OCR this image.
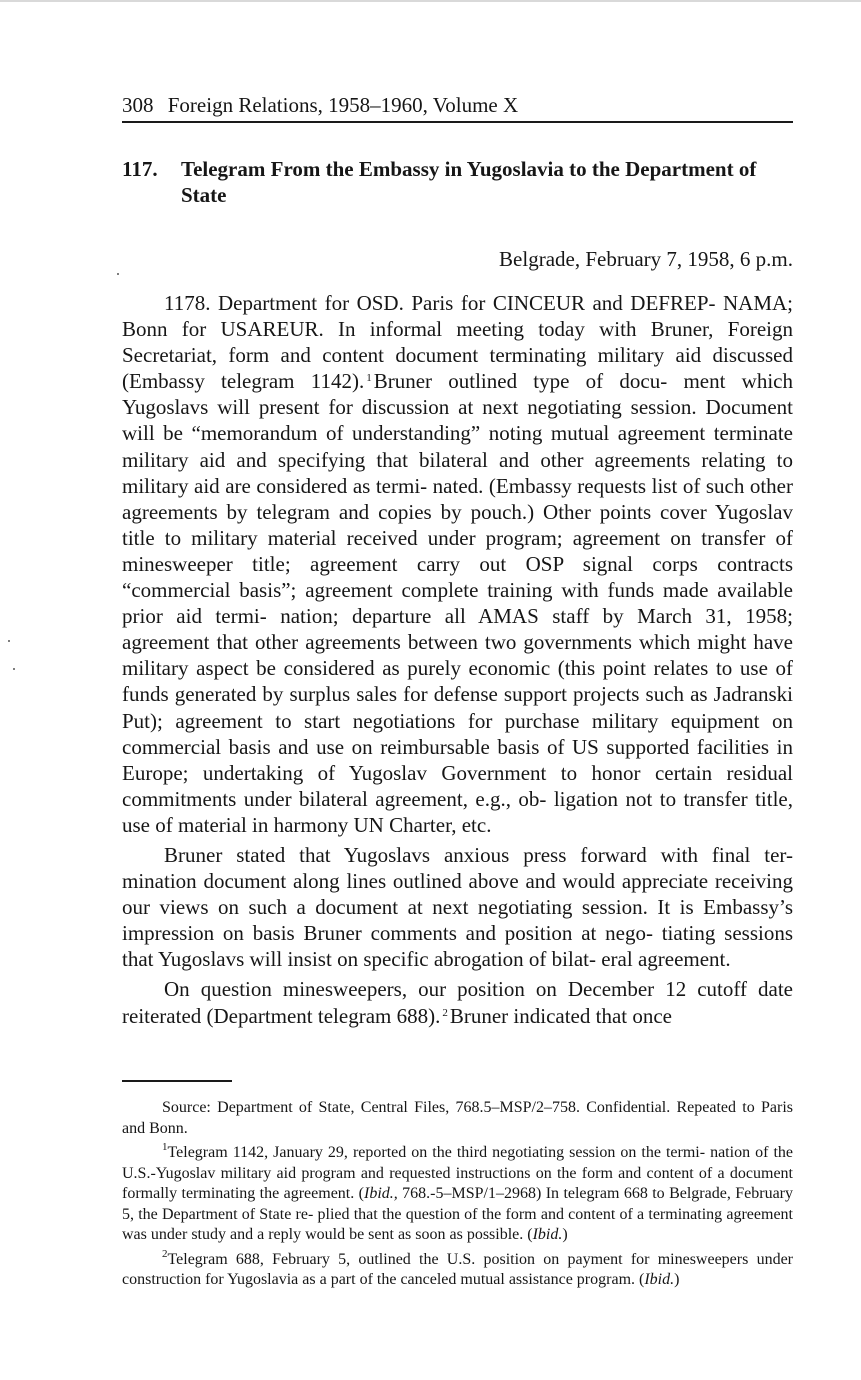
308 Foreign Relations, 1958–1960, Volume X
117. Telegram From the Embassy in Yugoslavia to the Department of State
Belgrade, February 7, 1958, 6 p.m.

1178. Department for OSD. Paris for CINCEUR and DEFREP- NAMA; Bonn for USAREUR. In informal meeting today with Bruner, Foreign Secretariat, form and content document terminating military aid discussed (Embassy telegram 1142). $^1$Bruner outlined type of docu- ment which Yugoslavs will present for discussion at next negotiating session. Document will be “memorandum of understanding” noting mutual agreement terminate military aid and specifying that bilateral and other agreements relating to military aid are considered as termi- nated. (Embassy requests list of such other agreements by telegram and copies by pouch.) Other points cover Yugoslav title to military material received under program; agreement on transfer of minesweeper title; agreement carry out OSP signal corps contracts “commercial basis”; agreement complete training with funds made available prior aid termi- nation; departure all AMAS staff by March 31, 1958; agreement that other agreements between two governments which might have military aspect be considered as purely economic (this point relates to use of funds generated by surplus sales for defense support projects such as Jadranski Put); agreement to start negotiations for purchase military equipment on commercial basis and use on reimbursable basis of US supported facilities in Europe; undertaking of Yugoslav Government to honor certain residual commitments under bilateral agreement, e.g., ob- ligation not to transfer title, use of material in harmony UN Charter, etc.

Bruner stated that Yugoslavs anxious press forward with final ter- mination document along lines outlined above and would appreciate receiving our views on such a document at next negotiating session. It is Embassy’s impression on basis Bruner comments and position at nego- tiating sessions that Yugoslavs will insist on specific abrogation of bilat- eral agreement.

On question minesweepers, our position on December 12 cutoff date reiterated (Department telegram 688). $^2$Bruner indicated that once

Source: Department of State, Central Files, 768.5–MSP/2–758. Confidential. Repeated to Paris and Bonn.

$^1$Telegram 1142, January 29, reported on the third negotiating session on the termi- nation of the U.S.-Yugoslav military aid program and requested instructions on the form and content of a document formally terminating the agreement. (Ibid., 768.-5–MSP/1–2968) In telegram 668 to Belgrade, February 5, the Department of State re- plied that the question of the form and content of a terminating agreement was under study and a reply would be sent as soon as possible. (Ibid.)

$^2$Telegram 688, February 5, outlined the U.S. position on payment for minesweepers under construction for Yugoslavia as a part of the canceled mutual assistance program. (Ibid.)
